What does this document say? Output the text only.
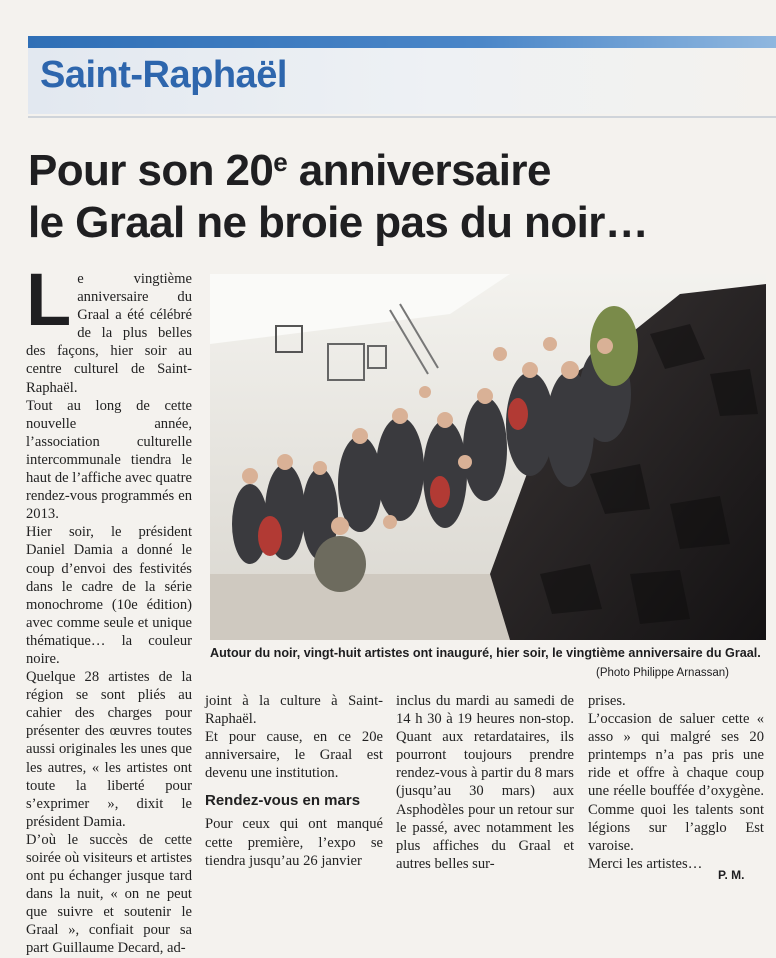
Saint-Raphaël
Pour son 20e anniversaire
le Graal ne broie pas du noir…

Le vingtième anniversaire du Graal a été célébré de la plus belles des façons, hier soir au centre culturel de Saint-Raphaël.

Tout au long de cette nouvelle année, l’association culturelle intercommunale tiendra le haut de l’affiche avec quatre rendez-vous programmés en 2013.

Hier soir, le président Daniel Damia a donné le coup d’envoi des festivités dans le cadre de la série monochrome (10e édition) avec comme seule et unique thématique… la couleur noire.

Quelque 28 artistes de la région se sont pliés au cahier des charges pour présenter des œuvres toutes aussi originales les unes que les autres, « les artistes ont toute la liberté pour s’exprimer », dixit le président Damia.

D’où le succès de cette soirée où visiteurs et artistes ont pu échanger jusque tard dans la nuit, « on ne peut que suivre et soutenir le Graal », confiait pour sa part Guillaume Decard, ad-

Autour du noir, vingt-huit artistes ont inauguré, hier soir, le vingtième anniversaire du Graal.

(Photo Philippe Arnassan)

joint à la culture à Saint-Raphaël.

Et pour cause, en ce 20e anniversaire, le Graal est devenu une institution.

Rendez-vous en mars

Pour ceux qui ont manqué cette première, l’expo se tiendra jusqu’au 26 janvier

inclus du mardi au samedi de 14 h 30 à 19 heures non-stop. Quant aux retardataires, ils pourront toujours prendre rendez-vous à partir du 8 mars (jusqu’au 30 mars) aux Asphodèles pour un retour sur le passé, avec notamment les plus affiches du Graal et autres belles sur-

prises.

L’occasion de saluer cette « asso » qui malgré ses 20 printemps n’a pas pris une ride et offre à chaque coup une réelle bouffée d’oxygène. Comme quoi les talents sont légions sur l’agglo Est varoise.

Merci les artistes…

P. M.
